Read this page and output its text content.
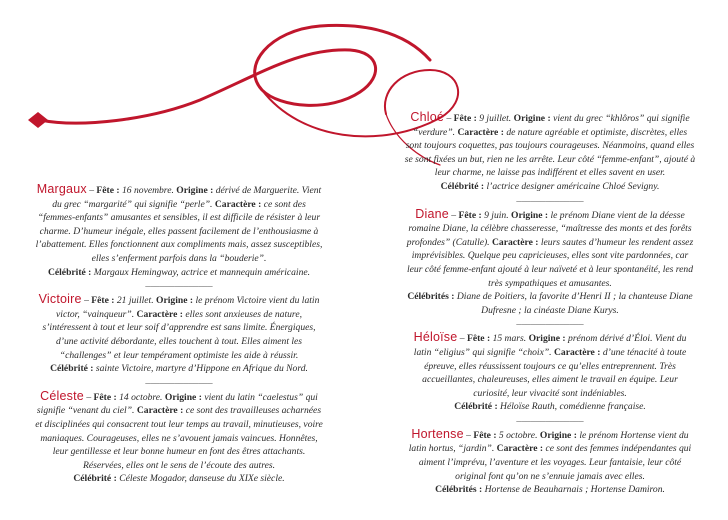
Margaux – Fête : 16 novembre. Origine : dérivé de Marguerite. Vient du grec “margarité” qui signifie “perle”. Caractère : ce sont des “femmes-enfants” amusantes et sensibles, il est difficile de résister à leur charme. D’humeur inégale, elles passent facilement de l’enthousiasme à l’abattement. Elles fonctionnent aux compliments mais, assez susceptibles, elles s’enferment parfois dans la “bouderie”.
Célébrité : Margaux Hemingway, actrice et mannequin américaine.
______________
Victoire – Fête : 21 juillet. Origine : le prénom Victoire vient du latin victor, “vainqueur”. Caractère : elles sont anxieuses de nature, s’intéressent à tout et leur soif d’apprendre est sans limite. Énergiques, d’une activité débordante, elles touchent à tout. Elles aiment les “challenges” et leur tempérament optimiste les aide à réussir.
Célébrité : sainte Victoire, martyre d’Hippone en Afrique du Nord.
______________
Céleste – Fête : 14 octobre. Origine : vient du latin “caelestus” qui signifie “venant du ciel”. Caractère : ce sont des travailleuses acharnées et disciplinées qui consacrent tout leur temps au travail, minutieuses, voire maniaques. Courageuses, elles ne s’avouent jamais vaincues. Honnêtes, leur gentillesse et leur bonne humeur en font des êtres attachants. Réservées, elles ont le sens de l’écoute des autres.
Célébrité : Céleste Mogador, danseuse du XIXe siècle.
Chloé – Fête : 9 juillet. Origine : vient du grec “khlôros” qui signifie “verdure”. Caractère : de nature agréable et optimiste, discrètes, elles sont toujours coquettes, pas toujours courageuses. Néanmoins, quand elles se sont fixées un but, rien ne les arrête. Leur côté “femme-enfant”, ajouté à leur charme, ne laisse pas indifférent et elles savent en user.
Célébrité : l’actrice designer américaine Chloé Sevigny.
______________
Diane – Fête : 9 juin. Origine : le prénom Diane vient de la déesse romaine Diane, la célèbre chasseresse, “maîtresse des monts et des forêts profondes” (Catulle). Caractère : leurs sautes d’humeur les rendent assez imprévisibles. Quelque peu capricieuses, elles sont vite pardonnées, car leur côté femme-enfant ajouté à leur naïveté et à leur spontanéité, les rend très sympathiques et amusantes.
Célébrités : Diane de Poitiers, la favorite d’Henri II ; la chanteuse Diane Dufresne ; la cinéaste Diane Kurys.
______________
Héloïse – Fête : 15 mars. Origine : prénom dérivé d’Éloi. Vient du latin “eligius” qui signifie “choix”. Caractère : d’une ténacité à toute épreuve, elles réussissent toujours ce qu’elles entreprennent. Très accueillantes, chaleureuses, elles aiment le travail en équipe. Leur curiosité, leur vivacité sont indéniables.
Célébrité : Héloïse Rauth, comédienne française.
______________
Hortense – Fête : 5 octobre. Origine : le prénom Hortense vient du latin hortus, “jardin”. Caractère : ce sont des femmes indépendantes qui aiment l’imprévu, l’aventure et les voyages. Leur fantaisie, leur côté original font qu’on ne s’ennuie jamais avec elles.
Célébrités : Hortense de Beauharnais ; Hortense Damiron.
